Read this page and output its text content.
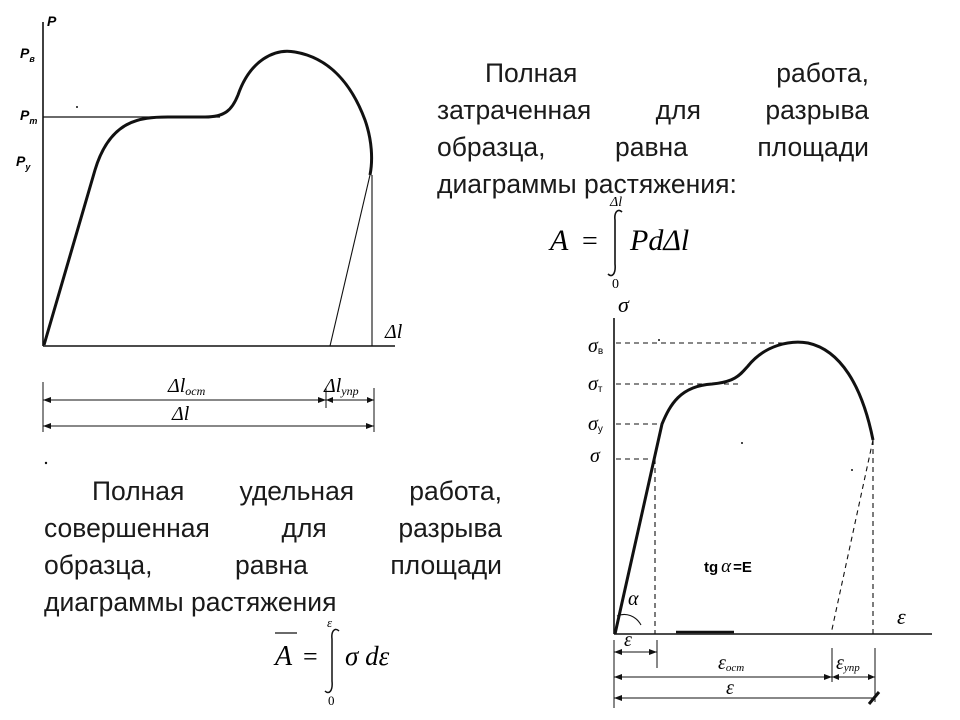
P
Δl
$P_в$
$P_т$
$P_у$
Δlост	Δlупр
Δl
Полная работа,
затраченная для разрыва
образца, равна площади
диаграммы растяжения:
A =
Δl
0
PdΔl
Полная удельная работа,
совершенная для разрыва
образца, равна площади
диаграммы растяжения
A =
ε
0
σ dε
σ
ε
σв
σт
σу
σ
tg α =E
α
ε
εост	εупр
ε
